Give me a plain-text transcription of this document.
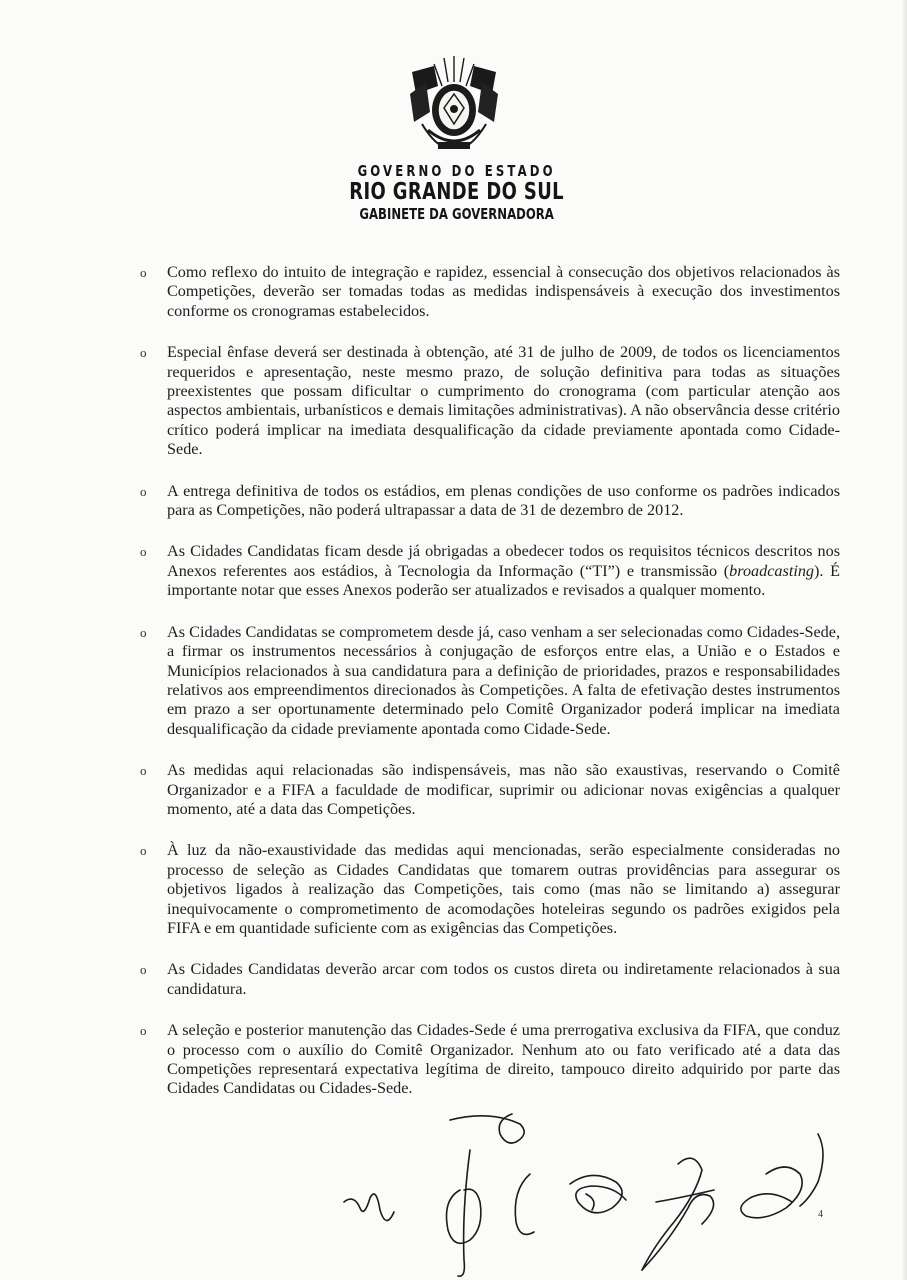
GOVERNO DO ESTADO
RIO GRANDE DO SUL
GABINETE DA GOVERNADORA
o Como reflexo do intuito de integração e rapidez, essencial à consecução dos objetivos relacionados às Competições, deverão ser tomadas todas as medidas indispensáveis à execução dos investimentos conforme os cronogramas estabelecidos.
o Especial ênfase deverá ser destinada à obtenção, até 31 de julho de 2009, de todos os licenciamentos requeridos e apresentação, neste mesmo prazo, de solução definitiva para todas as situações preexistentes que possam dificultar o cumprimento do cronograma (com particular atenção aos aspectos ambientais, urbanísticos e demais limitações administrativas). A não observância desse critério crítico poderá implicar na imediata desqualificação da cidade previamente apontada como Cidade-Sede.
o A entrega definitiva de todos os estádios, em plenas condições de uso conforme os padrões indicados para as Competições, não poderá ultrapassar a data de 31 de dezembro de 2012.
o As Cidades Candidatas ficam desde já obrigadas a obedecer todos os requisitos técnicos descritos nos Anexos referentes aos estádios, à Tecnologia da Informação (“TI”) e transmissão (broadcasting). É importante notar que esses Anexos poderão ser atualizados e revisados a qualquer momento.
o As Cidades Candidatas se comprometem desde já, caso venham a ser selecionadas como Cidades-Sede, a firmar os instrumentos necessários à conjugação de esforços entre elas, a União e o Estados e Municípios relacionados à sua candidatura para a definição de prioridades, prazos e responsabilidades relativos aos empreendimentos direcionados às Competições. A falta de efetivação destes instrumentos em prazo a ser oportunamente determinado pelo Comitê Organizador poderá implicar na imediata desqualificação da cidade previamente apontada como Cidade-Sede.
o As medidas aqui relacionadas são indispensáveis, mas não são exaustivas, reservando o Comitê Organizador e a FIFA a faculdade de modificar, suprimir ou adicionar novas exigências a qualquer momento, até a data das Competições.
o À luz da não-exaustividade das medidas aqui mencionadas, serão especialmente consideradas no processo de seleção as Cidades Candidatas que tomarem outras providências para assegurar os objetivos ligados à realização das Competições, tais como (mas não se limitando a) assegurar inequivocamente o comprometimento de acomodações hoteleiras segundo os padrões exigidos pela FIFA e em quantidade suficiente com as exigências das Competições.
o As Cidades Candidatas deverão arcar com todos os custos direta ou indiretamente relacionados à sua candidatura.
o A seleção e posterior manutenção das Cidades-Sede é uma prerrogativa exclusiva da FIFA, que conduz o processo com o auxílio do Comitê Organizador. Nenhum ato ou fato verificado até a data das Competições representará expectativa legítima de direito, tampouco direito adquirido por parte das Cidades Candidatas ou Cidades-Sede.
4
